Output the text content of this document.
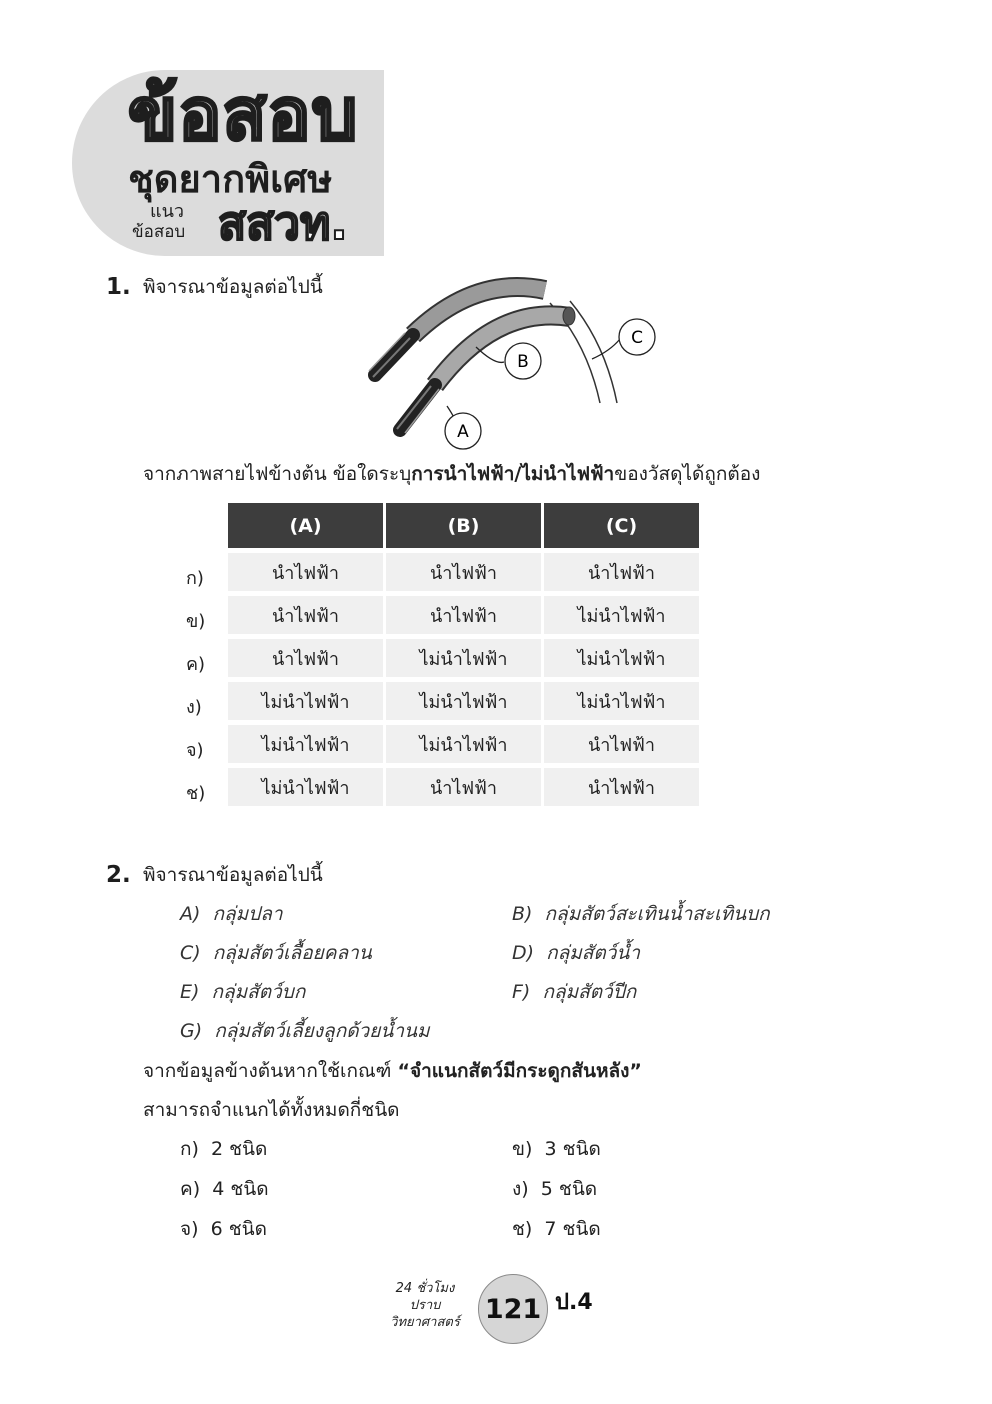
ข้อสอบ
ชุดยากพิเศษ
แนว
ข้อสอบ สสวท.
1. พิจารณาข้อมูลต่อไปนี้
A
B
C
จากภาพสายไฟข้างต้น ข้อใดระบุการนำไฟฟ้า/ไม่นำไฟฟ้าของวัสดุได้ถูกต้อง
(A)	(B)	(C)
ก)	นำไฟฟ้า	นำไฟฟ้า	นำไฟฟ้า
ข)	นำไฟฟ้า	นำไฟฟ้า	ไม่นำไฟฟ้า
ค)	นำไฟฟ้า	ไม่นำไฟฟ้า	ไม่นำไฟฟ้า
ง)	ไม่นำไฟฟ้า	ไม่นำไฟฟ้า	ไม่นำไฟฟ้า
จ)	ไม่นำไฟฟ้า	ไม่นำไฟฟ้า	นำไฟฟ้า
ช)	ไม่นำไฟฟ้า	นำไฟฟ้า	นำไฟฟ้า
2. พิจารณาข้อมูลต่อไปนี้
A) กลุ่มปลา	B) กลุ่มสัตว์สะเทินน้ำสะเทินบก
C) กลุ่มสัตว์เลื้อยคลาน	D) กลุ่มสัตว์น้ำ
E) กลุ่มสัตว์บก	F) กลุ่มสัตว์ปีก
G) กลุ่มสัตว์เลี้ยงลูกด้วยน้ำนม
จากข้อมูลข้างต้นหากใช้เกณฑ์ “จำแนกสัตว์มีกระดูกสันหลัง”
สามารถจำแนกได้ทั้งหมดกี่ชนิด
ก) 2 ชนิด	ข) 3 ชนิด
ค) 4 ชนิด	ง) 5 ชนิด
จ) 6 ชนิด	ช) 7 ชนิด
24 ชั่วโมง
ปราบ
วิทยาศาสตร์ 121 ป.4
